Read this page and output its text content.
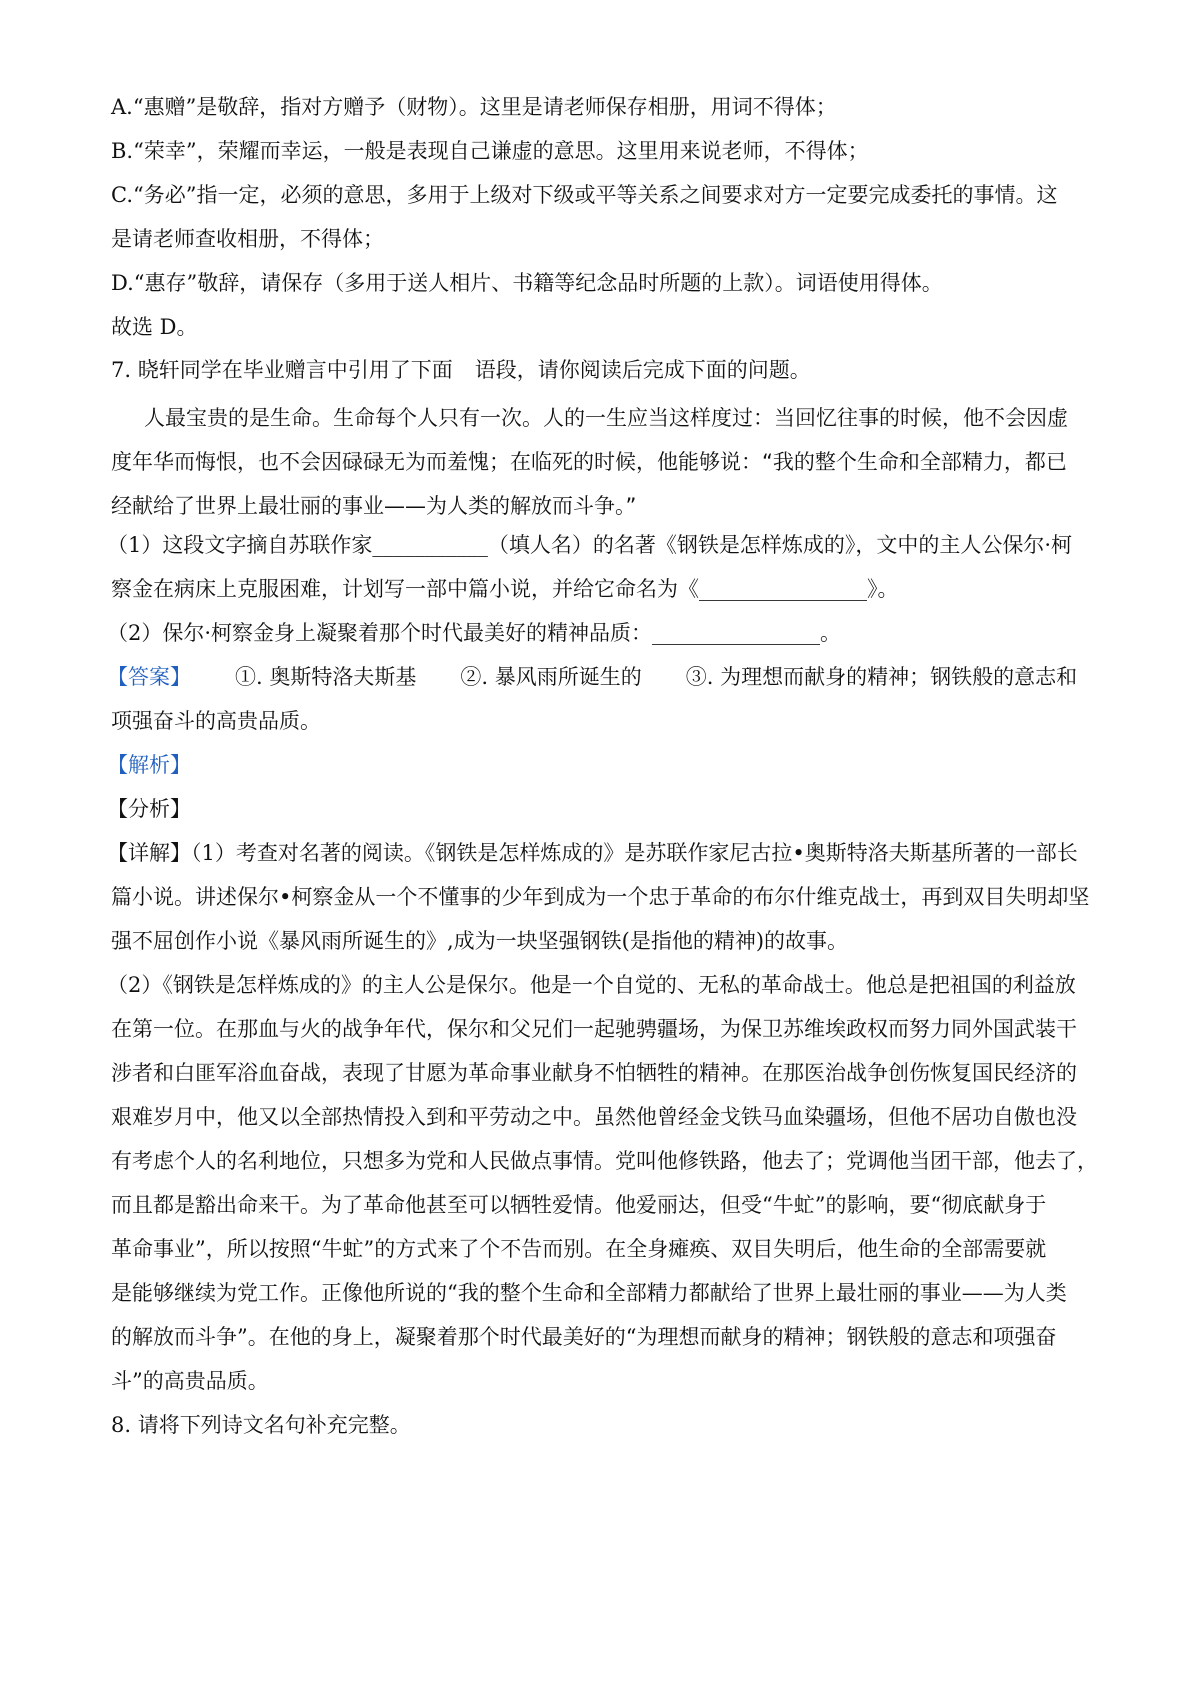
A.“惠赠”是敬辞，指对方赠予（财物）。这里是请老师保存相册，用词不得体；
B.“荣幸”，荣耀而幸运，一般是表现自己谦虚的意思。这里用来说老师，不得体；
C.“务必”指一定，必须的意思，多用于上级对下级或平等关系之间要求对方一定要完成委托的事情。这
是请老师查收相册，不得体；
D.“惠存”敬辞，请保存（多用于送人相片、书籍等纪念品时所题的上款）。词语使用得体。
故选 D。
7. 晓轩同学在毕业赠言中引用了下面 语段，请你阅读后完成下面的问题。
人最宝贵的是生命。生命每个人只有一次。人的一生应当这样度过：当回忆往事的时候，他不会因虚
度年华而悔恨，也不会因碌碌无为而羞愧；在临死的时候，他能够说：“我的整个生命和全部精力，都已
经献给了世界上最壮丽的事业——为人类的解放而斗争。”
（1）这段文字摘自苏联作家___________（填人名）的名著《钢铁是怎样炼成的》，文中的主人公保尔·柯
察金在病床上克服困难，计划写一部中篇小说，并给它命名为《________________》。
（2）保尔·柯察金身上凝聚着那个时代最美好的精神品质：________________。
【答案】 ①. 奥斯特洛夫斯基 ②. 暴风雨所诞生的 ③. 为理想而献身的精神；钢铁般的意志和
项强奋斗的高贵品质。
【解析】
【分析】
【详解】（1）考查对名著的阅读。《钢铁是怎样炼成的》是苏联作家尼古拉•奥斯特洛夫斯基所著的一部长
篇小说。讲述保尔•柯察金从一个不懂事的少年到成为一个忠于革命的布尔什维克战士，再到双目失明却坚
强不屈创作小说《暴风雨所诞生的》,成为一块坚强钢铁(是指他的精神)的故事。
（2）《钢铁是怎样炼成的》的主人公是保尔。他是一个自觉的、无私的革命战士。他总是把祖国的利益放
在第一位。在那血与火的战争年代，保尔和父兄们一起驰骋疆场，为保卫苏维埃政权而努力同外国武装干
涉者和白匪军浴血奋战，表现了甘愿为革命事业献身不怕牺牲的精神。在那医治战争创伤恢复国民经济的
艰难岁月中，他又以全部热情投入到和平劳动之中。虽然他曾经金戈铁马血染疆场，但他不居功自傲也没
有考虑个人的名利地位，只想多为党和人民做点事情。党叫他修铁路，他去了；党调他当团干部，他去了，
而且都是豁出命来干。为了革命他甚至可以牺牲爱情。他爱丽达，但受“牛虻”的影响，要“彻底献身于
革命事业”，所以按照“牛虻”的方式来了个不告而别。在全身瘫痪、双目失明后，他生命的全部需要就
是能够继续为党工作。正像他所说的“我的整个生命和全部精力都献给了世界上最壮丽的事业——为人类
的解放而斗争”。在他的身上，凝聚着那个时代最美好的“为理想而献身的精神；钢铁般的意志和项强奋
斗”的高贵品质。
8. 请将下列诗文名句补充完整。
